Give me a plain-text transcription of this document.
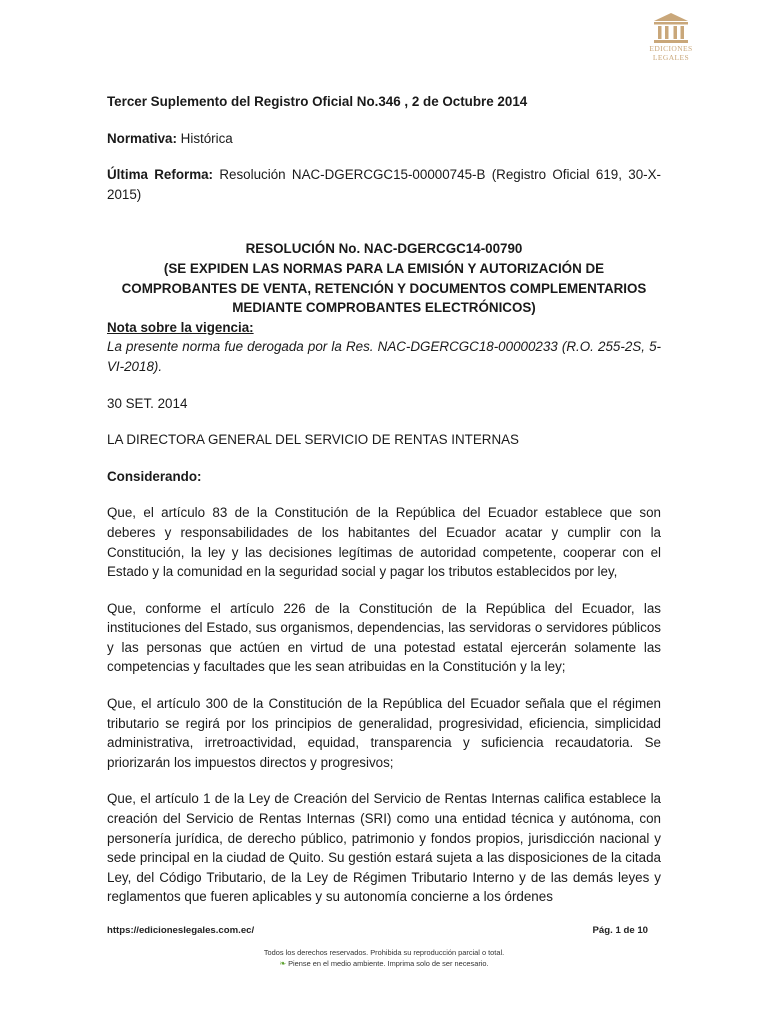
EDICIONES
LEGALES

Tercer Suplemento del Registro Oficial No.346 , 2 de Octubre 2014

Normativa: Histórica

Última Reforma: Resolución NAC-DGERCGC15-00000745-B (Registro Oficial 619, 30-X-2015)

RESOLUCIÓN No. NAC-DGERCGC14-00790

(SE EXPIDEN LAS NORMAS PARA LA EMISIÓN Y AUTORIZACIÓN DE COMPROBANTES DE VENTA, RETENCIÓN Y DOCUMENTOS COMPLEMENTARIOS MEDIANTE COMPROBANTES ELECTRÓNICOS)

Nota sobre la vigencia:

La presente norma fue derogada por la Res. NAC-DGERCGC18-00000233 (R.O. 255-2S, 5-VI-2018).

30 SET. 2014

LA DIRECTORA GENERAL DEL SERVICIO DE RENTAS INTERNAS

Considerando:

Que, el artículo 83 de la Constitución de la República del Ecuador establece que son deberes y responsabilidades de los habitantes del Ecuador acatar y cumplir con la Constitución, la ley y las decisiones legítimas de autoridad competente, cooperar con el Estado y la comunidad en la seguridad social y pagar los tributos establecidos por ley,

Que, conforme el artículo 226 de la Constitución de la República del Ecuador, las instituciones del Estado, sus organismos, dependencias, las servidoras o servidores públicos y las personas que actúen en virtud de una potestad estatal ejercerán solamente las competencias y facultades que les sean atribuidas en la Constitución y la ley;

Que, el artículo 300 de la Constitución de la República del Ecuador señala que el régimen tributario se regirá por los principios de generalidad, progresividad, eficiencia, simplicidad administrativa, irretroactividad, equidad, transparencia y suficiencia recaudatoria. Se priorizarán los impuestos directos y progresivos;

Que, el artículo 1 de la Ley de Creación del Servicio de Rentas Internas califica establece la creación del Servicio de Rentas Internas (SRI) como una entidad técnica y autónoma, con personería jurídica, de derecho público, patrimonio y fondos propios, jurisdicción nacional y sede principal en la ciudad de Quito. Su gestión estará sujeta a las disposiciones de la citada Ley, del Código Tributario, de la Ley de Régimen Tributario Interno y de las demás leyes y reglamentos que fueren aplicables y su autonomía concierne a los órdenes

https://edicioneslegales.com.ec/	Pág. 1 de 10
Todos los derechos reservados. Prohibida su reproducción parcial o total.
❧ Piense en el medio ambiente. Imprima solo de ser necesario.
